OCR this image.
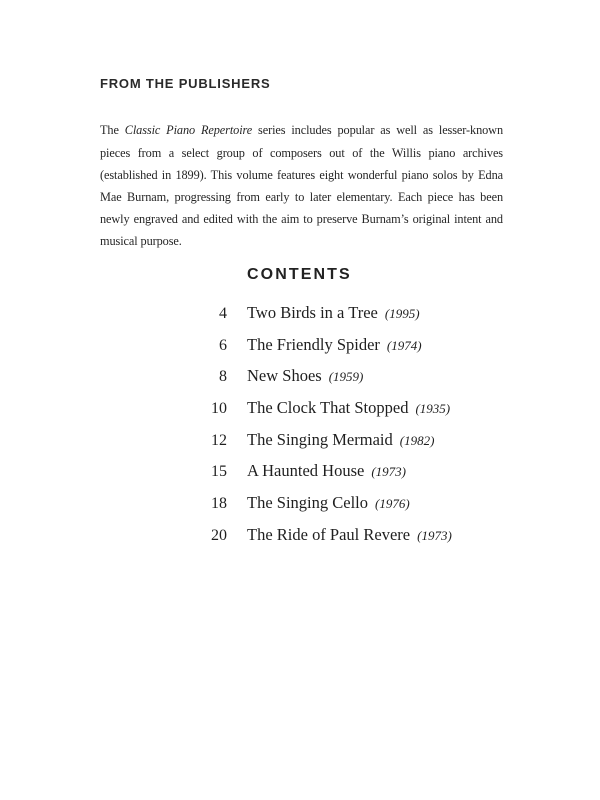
FROM THE PUBLISHERS

The Classic Piano Repertoire series includes popular as well as lesser-known pieces from a select group of composers out of the Willis piano archives (established in 1899). This volume features eight wonderful piano solos by Edna Mae Burnam, progressing from early to later elementary. Each piece has been newly engraved and edited with the aim to preserve Burnam’s original intent and musical purpose.

CONTENTS
4 Two Birds in a Tree (1995)
6 The Friendly Spider (1974)
8 New Shoes (1959)
10 The Clock That Stopped (1935)
12 The Singing Mermaid (1982)
15 A Haunted House (1973)
18 The Singing Cello (1976)
20 The Ride of Paul Revere (1973)
